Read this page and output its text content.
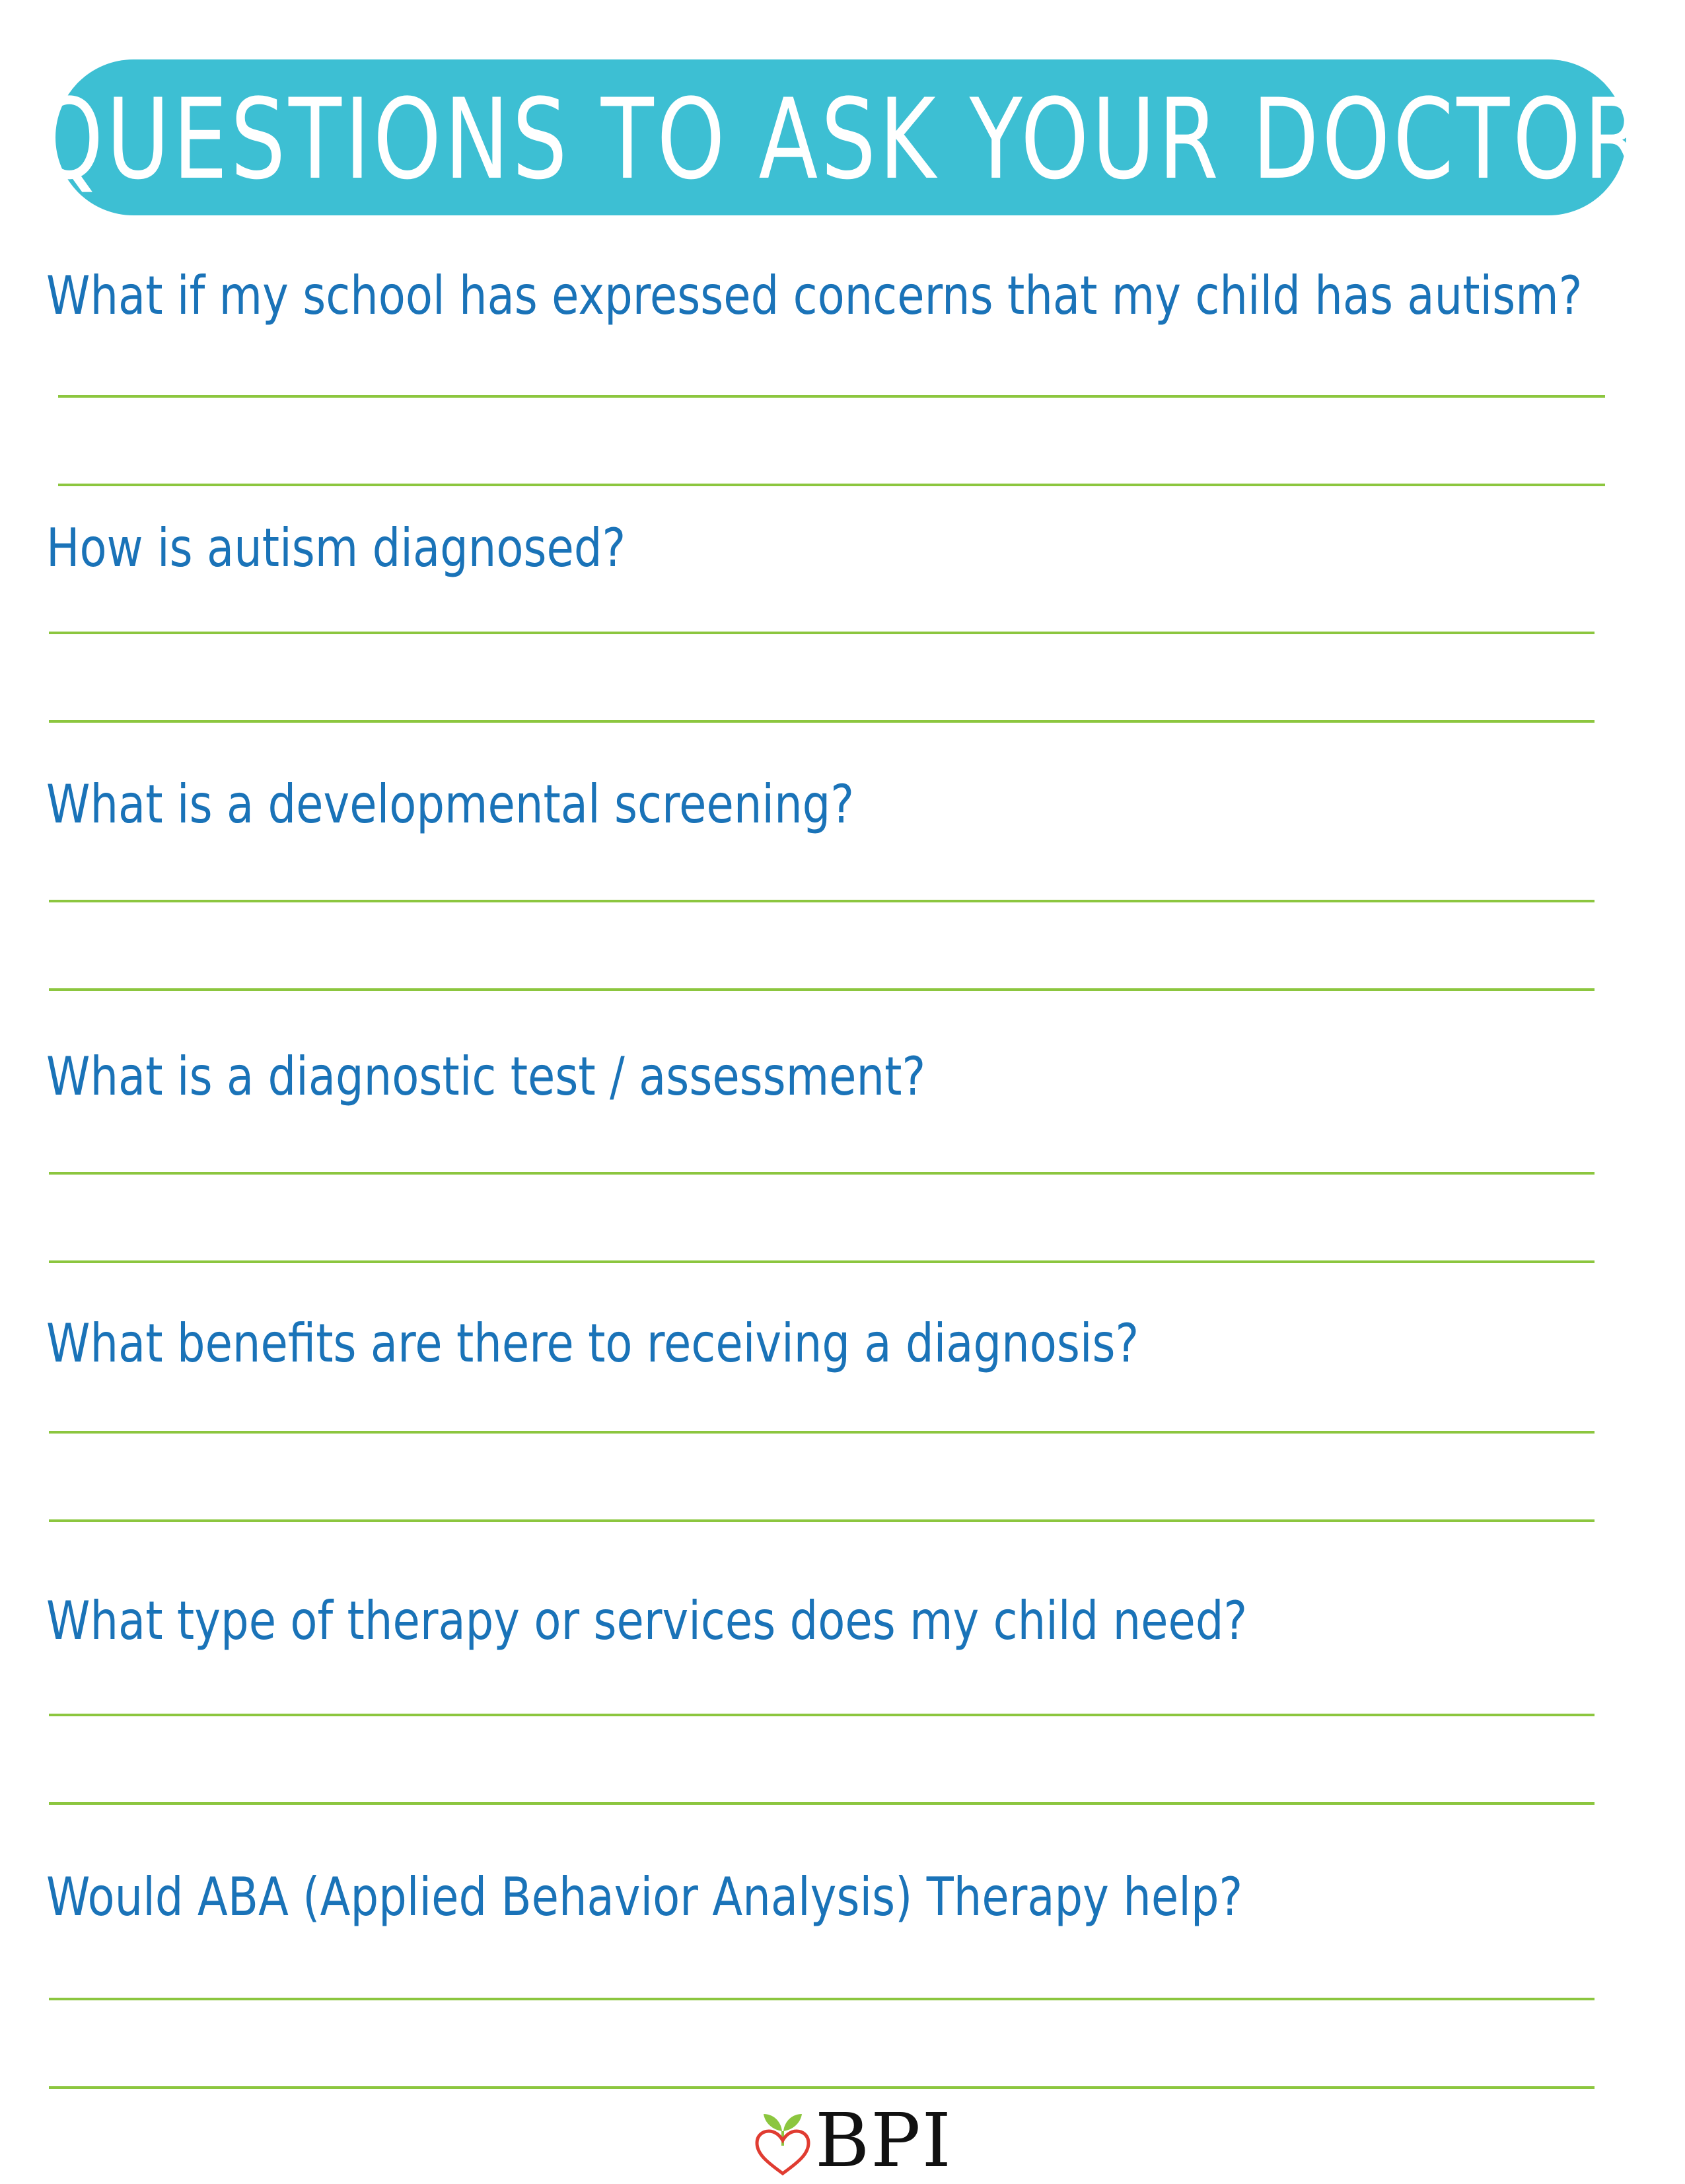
QUESTIONS TO ASK YOUR DOCTOR
What if my school has expressed concerns that my child has autism?
How is autism diagnosed?
What is a developmental screening?
What is a diagnostic test / assessment?
What benefits are there to receiving a diagnosis?
What type of therapy or services does my child need?
Would ABA (Applied Behavior Analysis) Therapy help?
BPI
